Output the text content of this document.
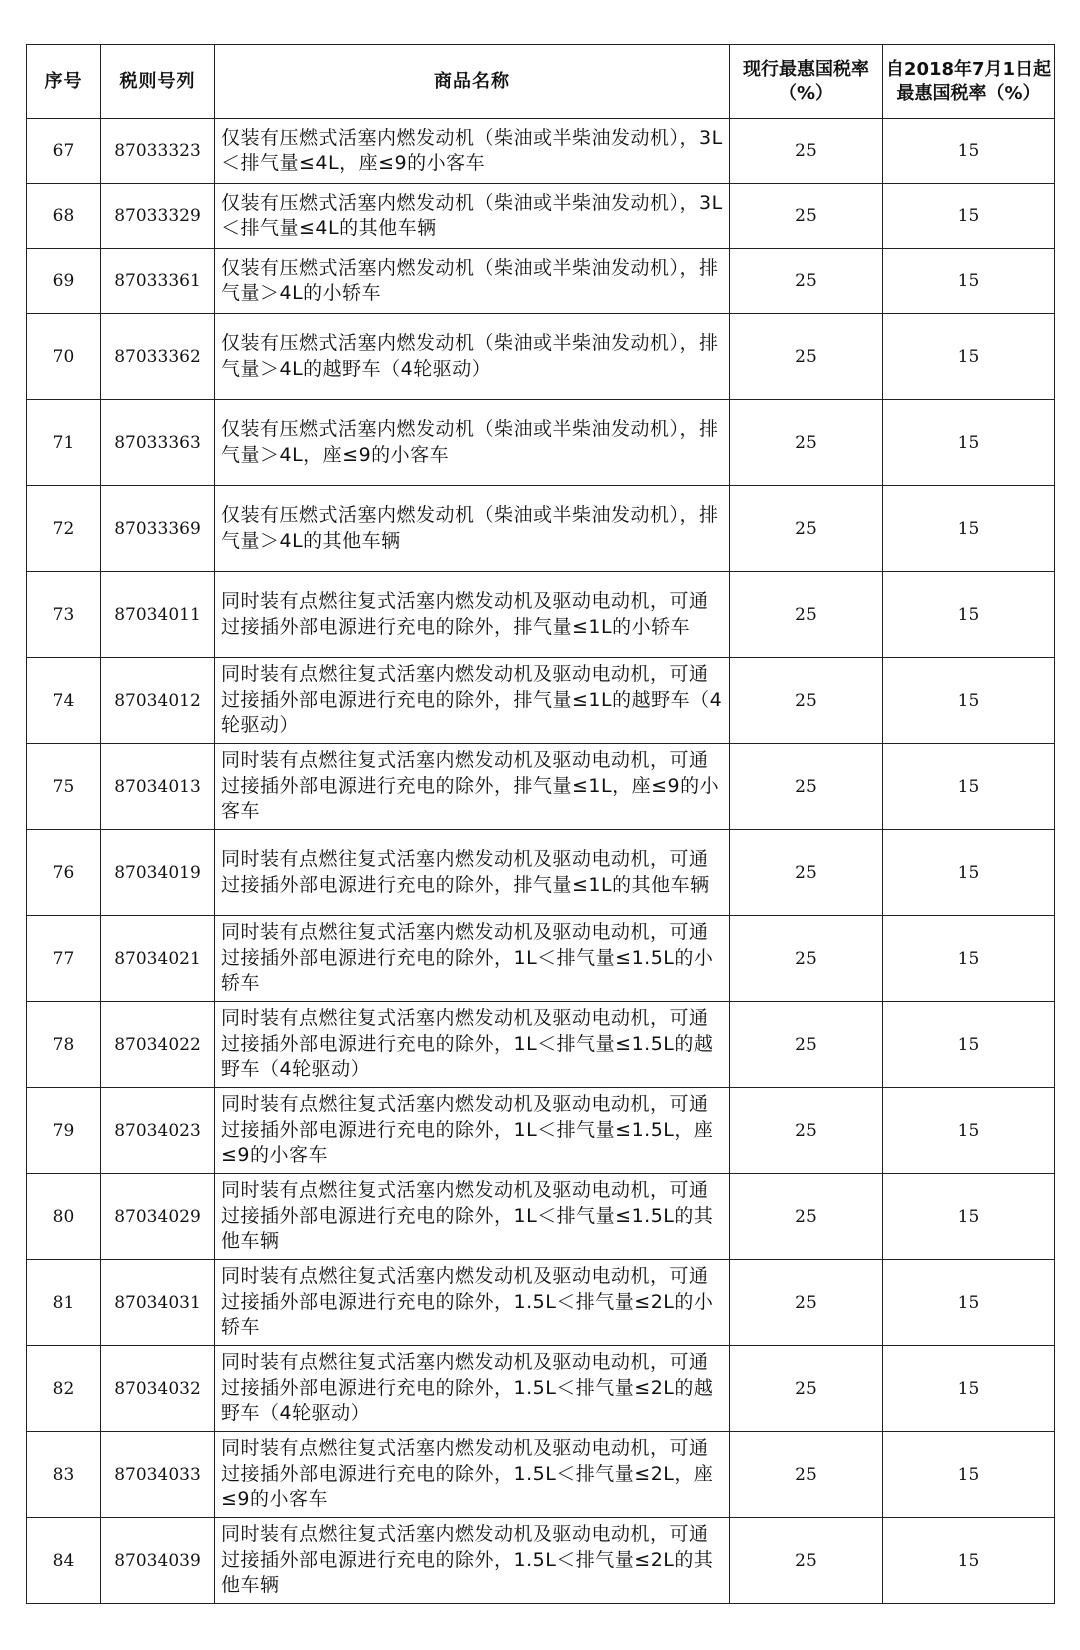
序号	税则号列	商品名称	现行最惠国税率（%）	自2018年7月1日起最惠国税率（%）
67	87033323	仅装有压燃式活塞内燃发动机（柴油或半柴油发动机），3L＜排气量≤4L，座≤9的小客车	25	15
68	87033329	仅装有压燃式活塞内燃发动机（柴油或半柴油发动机），3L＜排气量≤4L的其他车辆	25	15
69	87033361	仅装有压燃式活塞内燃发动机（柴油或半柴油发动机），排气量＞4L的小轿车	25	15
70	87033362	仅装有压燃式活塞内燃发动机（柴油或半柴油发动机），排气量＞4L的越野车（4轮驱动）	25	15
71	87033363	仅装有压燃式活塞内燃发动机（柴油或半柴油发动机），排气量＞4L，座≤9的小客车	25	15
72	87033369	仅装有压燃式活塞内燃发动机（柴油或半柴油发动机），排气量＞4L的其他车辆	25	15
73	87034011	同时装有点燃往复式活塞内燃发动机及驱动电动机，可通过接插外部电源进行充电的除外，排气量≤1L的小轿车	25	15
74	87034012	同时装有点燃往复式活塞内燃发动机及驱动电动机，可通过接插外部电源进行充电的除外，排气量≤1L的越野车（4轮驱动）	25	15
75	87034013	同时装有点燃往复式活塞内燃发动机及驱动电动机，可通过接插外部电源进行充电的除外，排气量≤1L，座≤9的小客车	25	15
76	87034019	同时装有点燃往复式活塞内燃发动机及驱动电动机，可通过接插外部电源进行充电的除外，排气量≤1L的其他车辆	25	15
77	87034021	同时装有点燃往复式活塞内燃发动机及驱动电动机，可通过接插外部电源进行充电的除外，1L＜排气量≤1.5L的小轿车	25	15
78	87034022	同时装有点燃往复式活塞内燃发动机及驱动电动机，可通过接插外部电源进行充电的除外，1L＜排气量≤1.5L的越野车（4轮驱动）	25	15
79	87034023	同时装有点燃往复式活塞内燃发动机及驱动电动机，可通过接插外部电源进行充电的除外，1L＜排气量≤1.5L，座≤9的小客车	25	15
80	87034029	同时装有点燃往复式活塞内燃发动机及驱动电动机，可通过接插外部电源进行充电的除外，1L＜排气量≤1.5L的其他车辆	25	15
81	87034031	同时装有点燃往复式活塞内燃发动机及驱动电动机，可通过接插外部电源进行充电的除外，1.5L＜排气量≤2L的小轿车	25	15
82	87034032	同时装有点燃往复式活塞内燃发动机及驱动电动机，可通过接插外部电源进行充电的除外，1.5L＜排气量≤2L的越野车（4轮驱动）	25	15
83	87034033	同时装有点燃往复式活塞内燃发动机及驱动电动机，可通过接插外部电源进行充电的除外，1.5L＜排气量≤2L，座≤9的小客车	25	15
84	87034039	同时装有点燃往复式活塞内燃发动机及驱动电动机，可通过接插外部电源进行充电的除外，1.5L＜排气量≤2L的其他车辆	25	15
